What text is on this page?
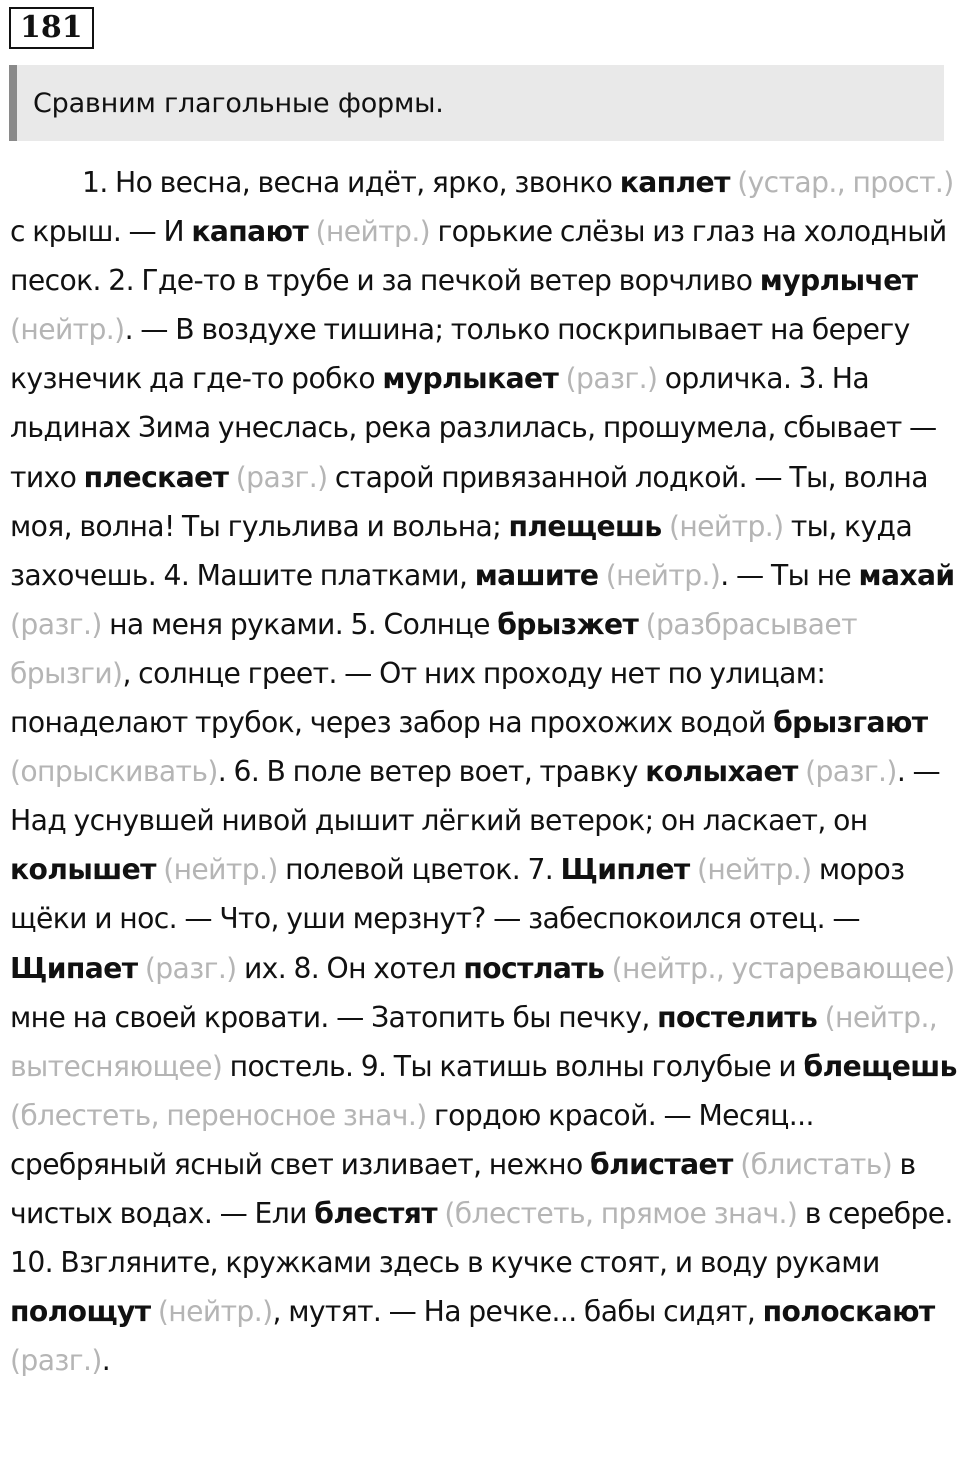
181
Сравним глагольные формы.

1. Но весна, весна идёт, ярко, звонко каплет (устар., прост.) с крыш. — И капают (нейтр.) горькие слёзы из глаз на холодный песок. 2. Где-то в трубе и за печкой ветер ворчливо мурлычет (нейтр.). — В воздухе тишина; только поскрипывает на берегу кузнечик да где-то робко мурлыкает (разг.) орличка. 3. На льдинах Зима унеслась, река разлилась, прошумела, сбывает — тихо плескает (разг.) старой привязанной лодкой. — Ты, волна моя, волна! Ты гульлива и вольна; плещешь (нейтр.) ты, куда захочешь. 4. Машите платками, машите (нейтр.). — Ты не махай (разг.) на меня руками. 5. Солнце брызжет (разбрасывает брызги), солнце греет. — От них проходу нет по улицам: понаделают трубок, через забор на прохожих водой брызгают (опрыскивать). 6. В поле ветер воет, травку колыхает (разг.). — Над уснувшей нивой дышит лёгкий ветерок; он ласкает, он колышет (нейтр.) полевой цветок. 7. Щиплет (нейтр.) мороз щёки и нос. — Что, уши мерзнут? — забеспокоился отец. — Щипает (разг.) их. 8. Он хотел постлать (нейтр., устаревающее) мне на своей кровати. — Затопить бы печку, постелить (нейтр., вытесняющее) постель. 9. Ты катишь волны голубые и блещешь (блестеть, переносное знач.) гордою красой. — Месяц... сребряный ясный свет изливает, нежно блистает (блистать) в чистых водах. — Ели блестят (блестеть, прямое знач.) в серебре. 10. Взгляните, кружками здесь в кучке стоят, и воду руками полощут (нейтр.), мутят. — На речке... бабы сидят, полоскают (разг.).
